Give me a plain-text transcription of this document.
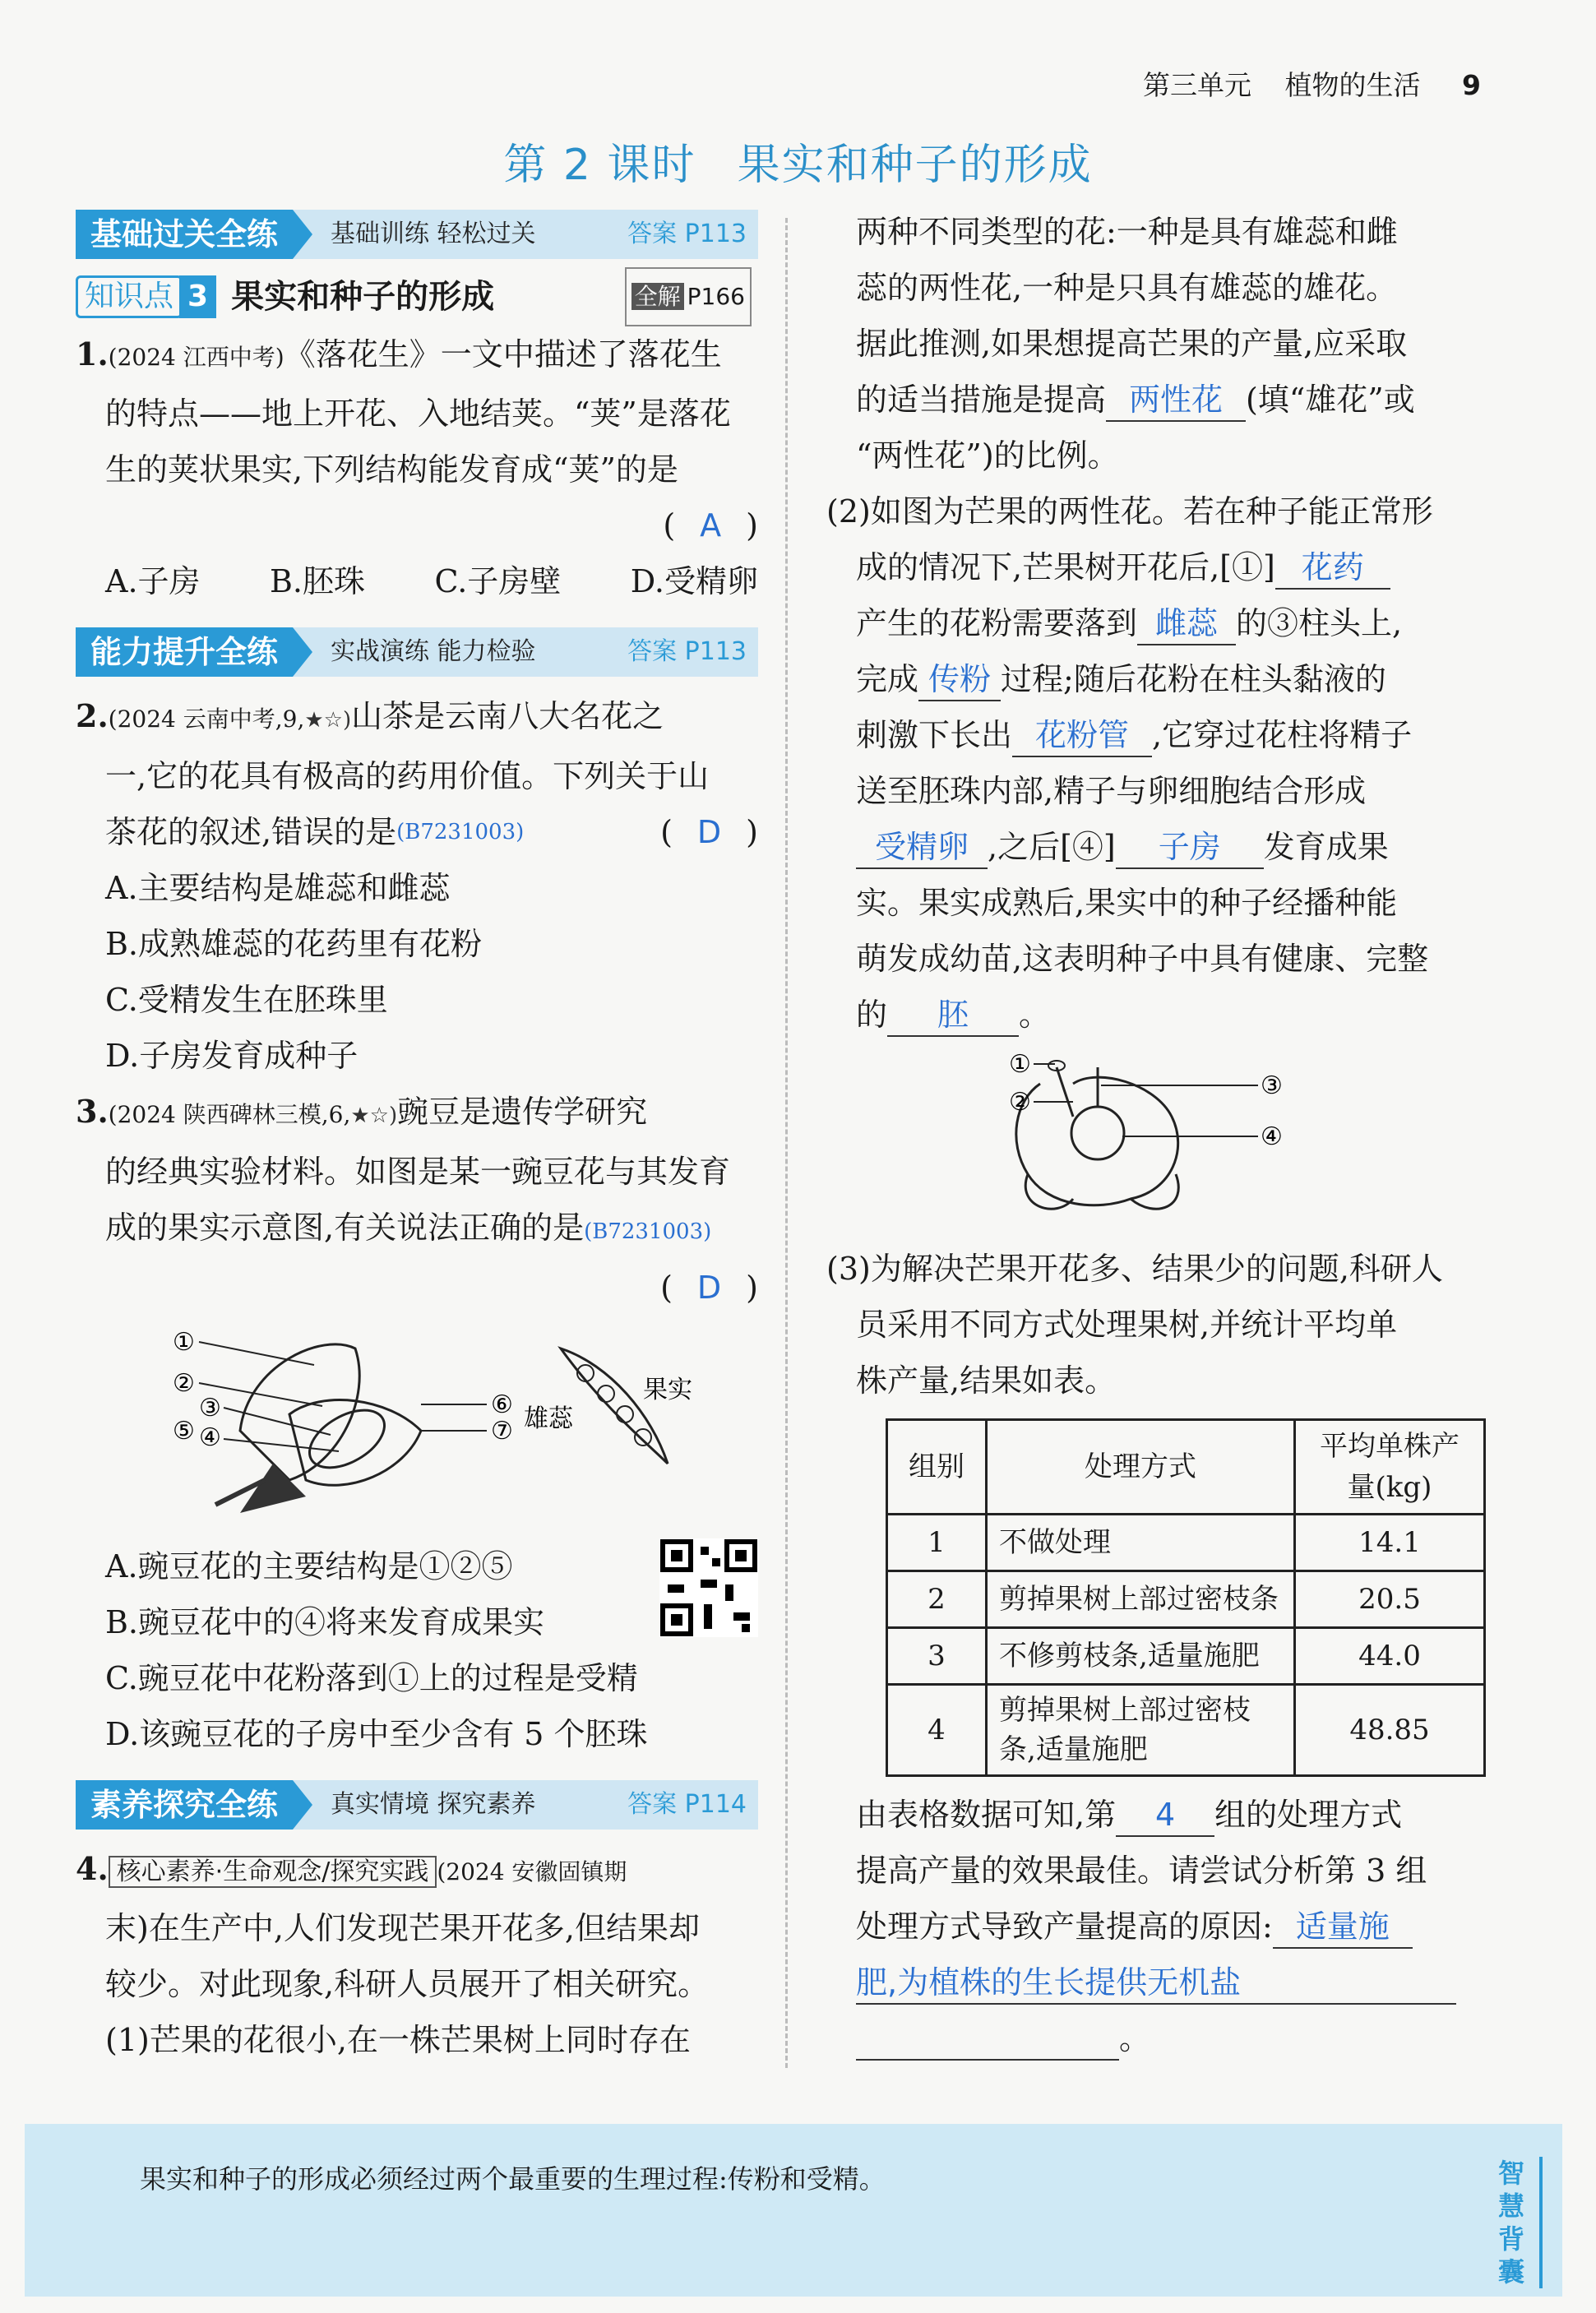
第三单元 植物的生活 9
第 2 课时 果实和种子的形成
基础过关全练	基础训练 轻松过关	答案 P113
知识点 3 果实和种子的形成	全解 P166

1.(2024 江西中考)《落花生》一文中描述了落花生

的特点——地上开花、入地结荚。“荚”是落花

生的荚状果实,下列结构能发育成“荚”的是

( A )

A.子房 B.胚珠 C.子房壁 D.受精卵
能力提升全练	实战演练 能力检验	答案 P113

2.(2024 云南中考,9,★☆)山茶是云南八大名花之

一,它的花具有极高的药用价值。下列关于山

茶花的叙述,错误的是 (B7231003)	( D )

A.主要结构是雄蕊和雌蕊

B.成熟雄蕊的花药里有花粉

C.受精发生在胚珠里

D.子房发育成种子

3.(2024 陕西碑林三模,6,★☆)豌豆是遗传学研究

的经典实验材料。如图是某一豌豆花与其发育

成的果实示意图,有关说法正确的是(B7231003)

( D )

①
②
③
⑤ ④
⑥
⑦ 雄蕊
果实

A.豌豆花的主要结构是①②⑤

B.豌豆花中的④将来发育成果实

C.豌豆花中花粉落到①上的过程是受精

D.该豌豆花的子房中至少含有 5 个胚珠

素养探究全练	真实情境 探究素养	答案 P114

4. 核心素养·生命观念/探究实践 (2024 安徽固镇期

末)在生产中,人们发现芒果开花多,但结果却

较少。对此现象,科研人员展开了相关研究。

(1)芒果的花很小,在一株芒果树上同时存在

两种不同类型的花:一种是具有雄蕊和雌

蕊的两性花,一种是只具有雄蕊的雄花。

据此推测,如果想提高芒果的产量,应采取

的适当措施是提高 两性花 (填“雄花”或

“两性花”)的比例。

(2)如图为芒果的两性花。若在种子能正常形

成的情况下,芒果树开花后,[①] 花药

产生的花粉需要落到 雌蕊 的③柱头上,

完成 传粉 过程;随后花粉在柱头黏液的

刺激下长出 花粉管 ,它穿过花柱将精子

送至胚珠内部,精子与卵细胞结合形成

受精卵 ,之后[④] 子房 发育成果

实。果实成熟后,果实中的种子经播种能

萌发成幼苗,这表明种子中具有健康、完整

的 胚 。

①
②
③
④

(3)为解决芒果开花多、结果少的问题,科研人

员采用不同方式处理果树,并统计平均单

株产量,结果如表。

组别	处理方式	平均单株产量(kg)
1	不做处理	14.1
2	剪掉果树上部过密枝条	20.5
3	不修剪枝条,适量施肥	44.0
4	剪掉果树上部过密枝条,适量施肥	48.85

由表格数据可知,第 4 组的处理方式

提高产量的效果最佳。请尝试分析第 3 组

处理方式导致产量提高的原因: 适量施

肥,为植株的生长提供无机盐

。

果实和种子的形成必须经过两个最重要的生理过程:传粉和受精。	智慧背囊
